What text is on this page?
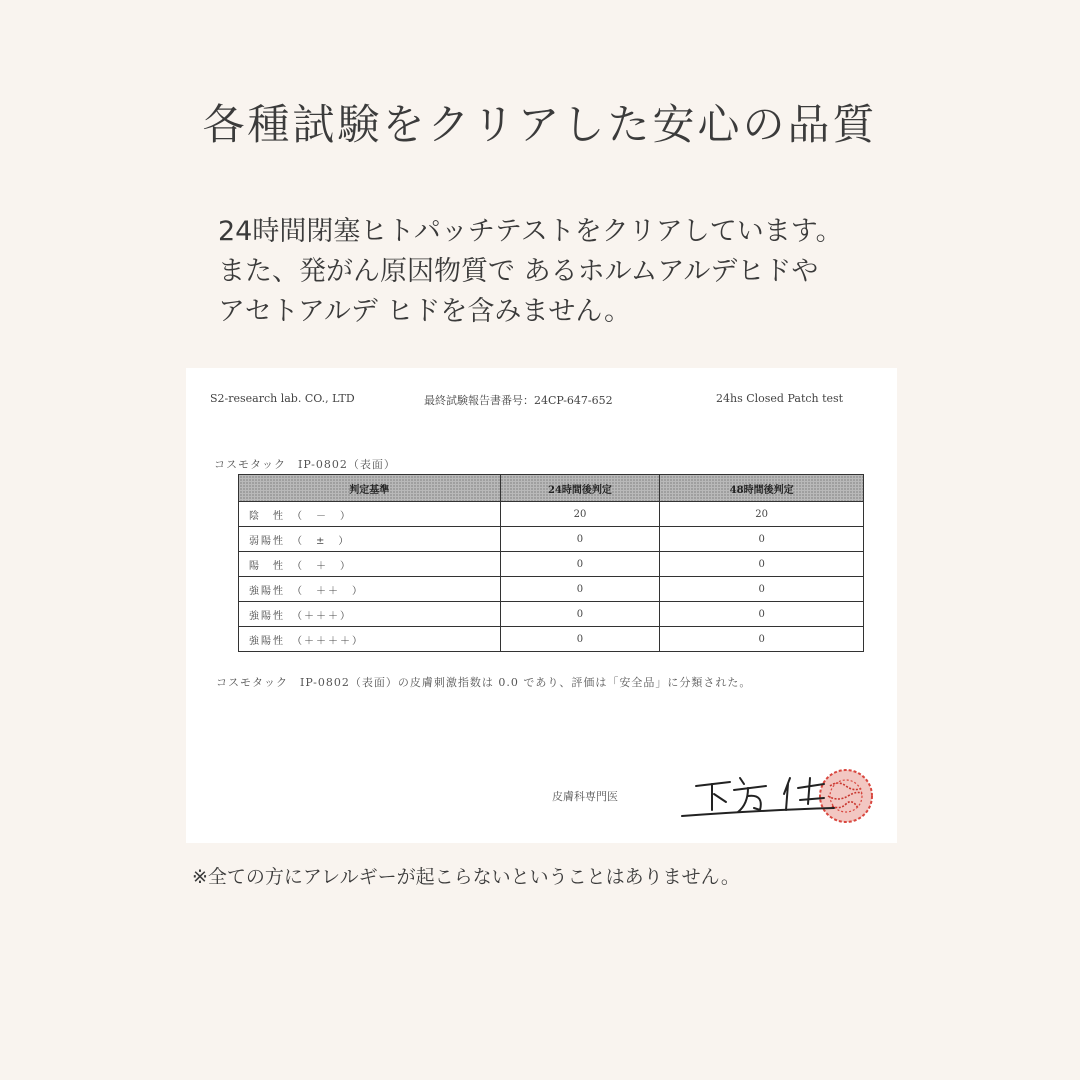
各種試験をクリアした安心の品質
24時間閉塞ヒトパッチテストをクリアしています。
また、発がん原因物質で あるホルムアルデヒドや
アセトアルデ ヒドを含みません。
S2-research lab. CO., LTD	最終試験報告書番号：24CP-647-652	24hs Closed Patch test
コスモタック　IP-0802（表面）
判定基準	24時間後判定	48時間後判定
陰　性　（　－　）	20	20
弱陽性　（　±　）	0	0
陽　性　（　＋　）	0	0
強陽性　（　＋＋　）	0	0
強陽性　（＋＋＋）	0	0
強陽性　（＋＋＋＋）	0	0
コスモタック　IP-0802（表面）の皮膚刺激指数は 0.0 であり、評価は「安全品」に分類された。
皮膚科専門医
※全ての方にアレルギーが起こらないということはありません。
